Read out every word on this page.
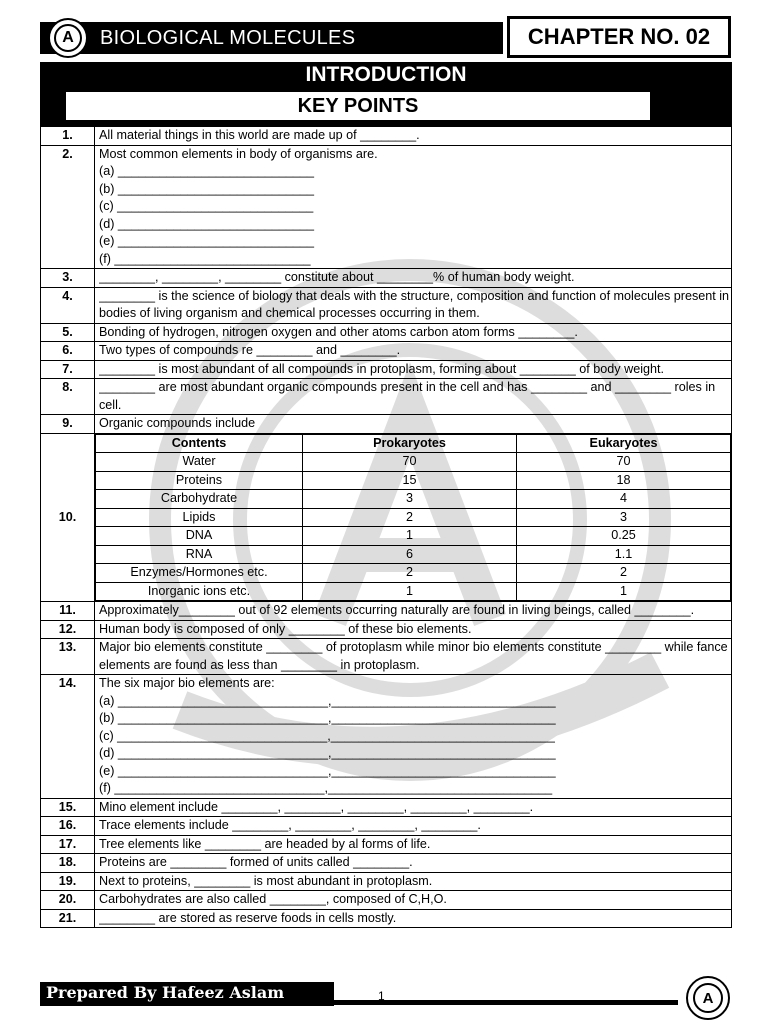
A	BIOLOGICAL MOLECULES	CHAPTER NO. 02
INTRODUCTION
KEY POINTS
1.	All material things in this world are made up of ________.

2.	Most common elements in body of organisms are.
(a) ____________________________
(b) ____________________________
(c) ____________________________
(d) ____________________________
(e) ____________________________
(f) ____________________________

3.	________, ________, ________ constitute about ________% of human body weight.

4.	________ is the science of biology that deals with the structure, composition and function of molecules present in bodies of living organism and chemical processes occurring in them.

5.	Bonding of hydrogen, nitrogen oxygen and other atoms carbon atom forms ________.

6.	Two types of compounds re ________ and ________.

7.	________ is most abundant of all compounds in protoplasm, forming about ________ of body weight.

8.	________ are most abundant organic compounds present in the cell and has ________ and ________ roles in cell.

9.	Organic compounds include

10.	
Contents	Prokaryotes	Eukaryotes
Water	70	70
Proteins	15	18
Carbohydrate	3	4
Lipids	2	3
DNA	1	0.25
RNA	6	1.1
Enzymes/Hormones etc.	2	2
Inorganic ions etc.	1	1

11.	Approximately________ out of 92 elements occurring naturally are found in living beings, called ________.

12.	Human body is composed of only ________ of these bio elements.

13.	Major bio elements constitute ________ of protoplasm while minor bio elements constitute ________ while fance elements are found as less than ________ in protoplasm.

14.	The six major bio elements are:
(a) ______________________________,________________________________
(b) ______________________________,________________________________
(c) ______________________________,________________________________
(d) ______________________________,________________________________
(e) ______________________________,________________________________
(f) ______________________________,________________________________

15.	Mino element include ________, ________, ________, ________, ________.

16.	Trace elements include ________, ________, ________, ________.

17.	Tree elements like ________ are headed by al forms of life.

18.	Proteins are ________ formed of units called ________.

19.	Next to proteins, ________ is most abundant in protoplasm.

20.	Carbohydrates are also called ________, composed of C,H,O.

21.	________ are stored as reserve foods in cells mostly.
Prepared By Hafeez Aslam	1	A
